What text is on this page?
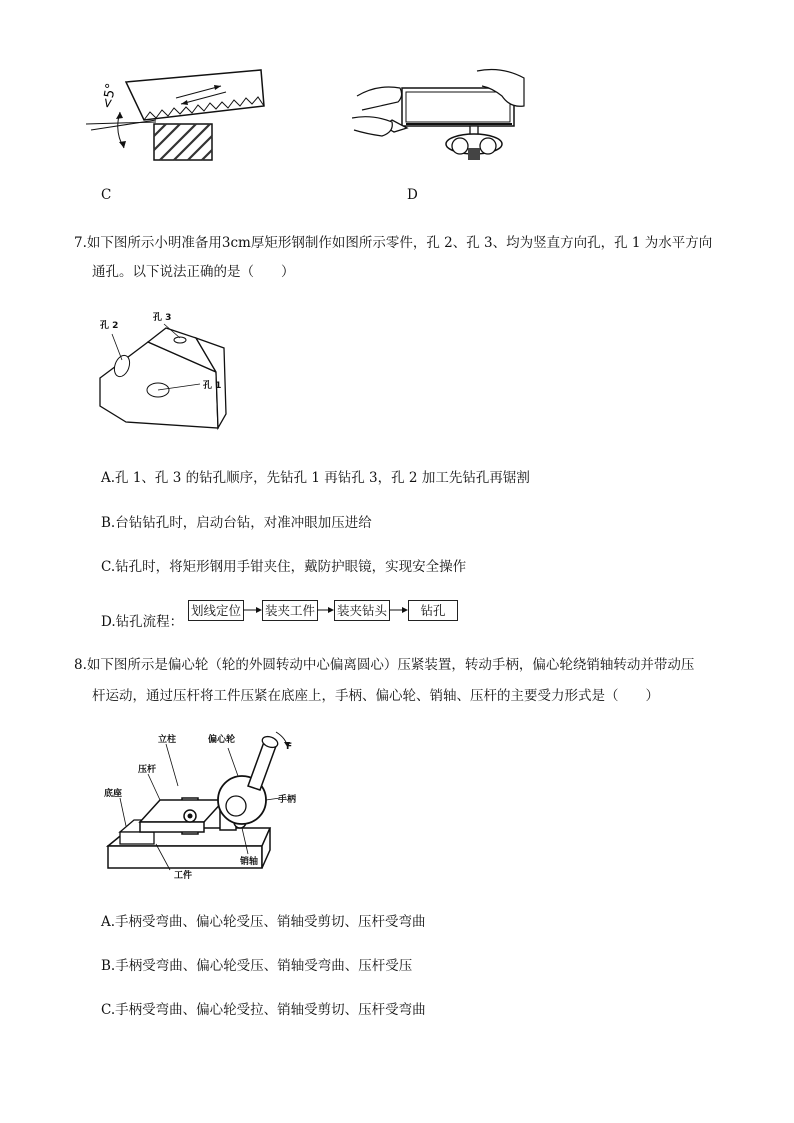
<5°
C	D
7.如下图所示小明准备用3cm厚矩形钢制作如图所示零件，孔 2、孔 3、均为竖直方向孔，孔 1 为水平方向
通孔。以下说法正确的是（　　）
孔 2
孔 3
孔 1
A.孔 1、孔 3 的钻孔顺序，先钻孔 1 再钻孔 3，孔 2 加工先钻孔再锯割
B.台钻钻孔时，启动台钻，对准冲眼加压进给
C.钻孔时，将矩形钢用手钳夹住，戴防护眼镜，实现安全操作
D.钻孔流程：
划线定位 装夹工件 装夹钻头	钻孔
8.如下图所示是偏心轮（轮的外圆转动中心偏离圆心）压紧装置，转动手柄，偏心轮绕销轴转动并带动压
杆运动，通过压杆将工件压紧在底座上，手柄、偏心轮、销轴、压杆的主要受力形式是（　　）
立柱	偏心轮
F
压杆
底座
手柄
工件
销轴
A.手柄受弯曲、偏心轮受压、销轴受剪切、压杆受弯曲
B.手柄受弯曲、偏心轮受压、销轴受弯曲、压杆受压
C.手柄受弯曲、偏心轮受拉、销轴受剪切、压杆受弯曲
